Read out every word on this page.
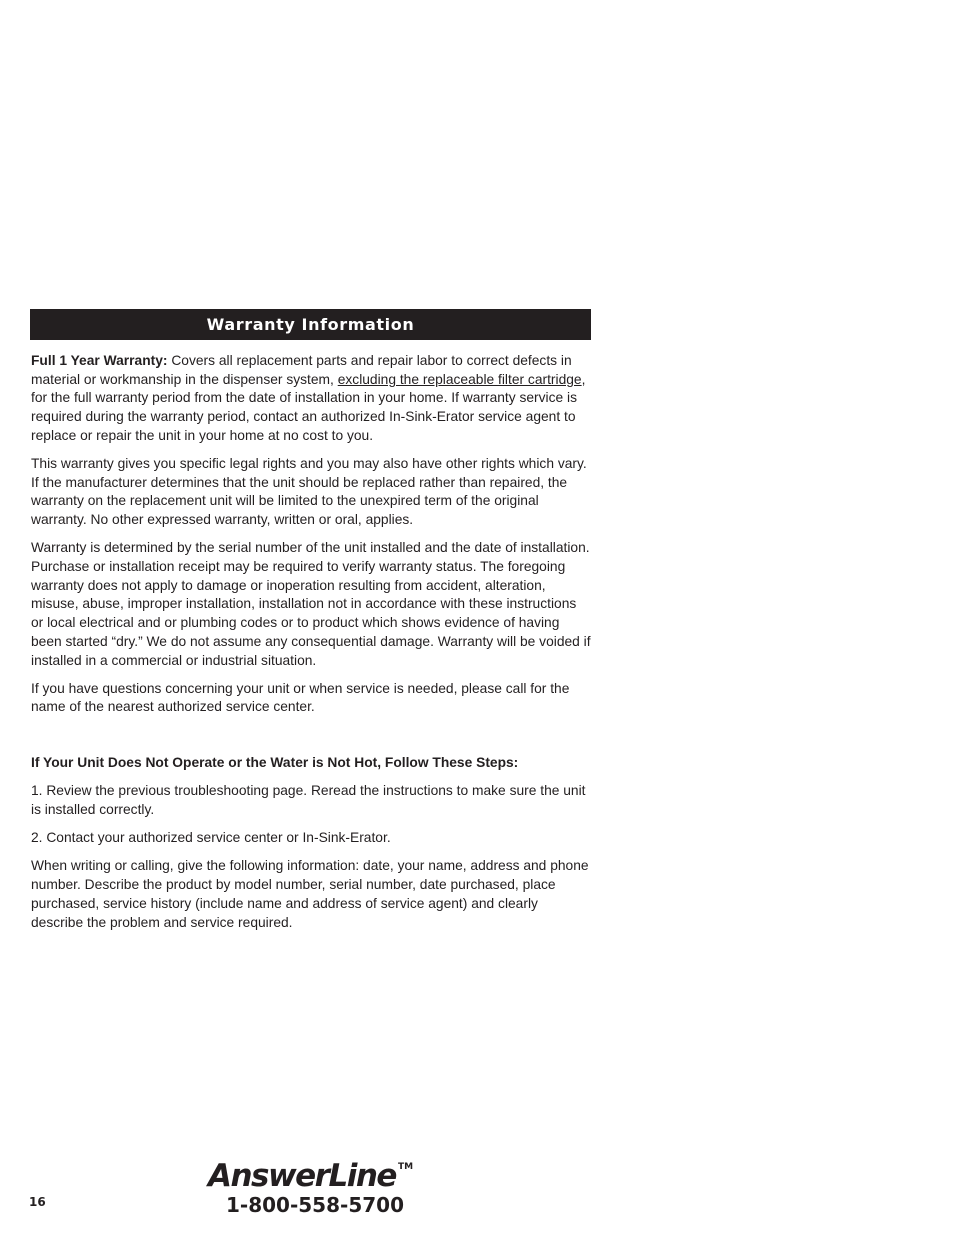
Warranty Information

Full 1 Year Warranty: Covers all replacement parts and repair labor to correct defects in material or workmanship in the dispenser system, excluding the replaceable filter cartridge, for the full warranty period from the date of installation in your home. If warranty service is required during the warranty period, contact an authorized In-Sink-Erator service agent to replace or repair the unit in your home at no cost to you.

This warranty gives you specific legal rights and you may also have other rights which vary. If the manufacturer determines that the unit should be replaced rather than repaired, the warranty on the replacement unit will be limited to the unexpired term of the original warranty. No other expressed warranty, written or oral, applies.

Warranty is determined by the serial number of the unit installed and the date of installation. Purchase or installation receipt may be required to verify warranty status. The foregoing warranty does not apply to damage or inoperation resulting from accident, alteration, misuse, abuse, improper installation, installation not in accordance with these instructions or local electrical and or plumbing codes or to product which shows evidence of having been started “dry.” We do not assume any consequential damage. Warranty will be voided if installed in a commercial or industrial situation.

If you have questions concerning your unit or when service is needed, please call for the name of the nearest authorized service center.

If Your Unit Does Not Operate or the Water is Not Hot, Follow These Steps:

1. Review the previous troubleshooting page. Reread the instructions to make sure the unit is installed correctly.

2. Contact your authorized service center or In-Sink-Erator.

When writing or calling, give the following information: date, your name, address and phone number. Describe the product by model number, serial number, date purchased, place purchased, service history (include name and address of service agent) and clearly describe the problem and service required.

AnswerLine ™
1-800-558-5700
16
